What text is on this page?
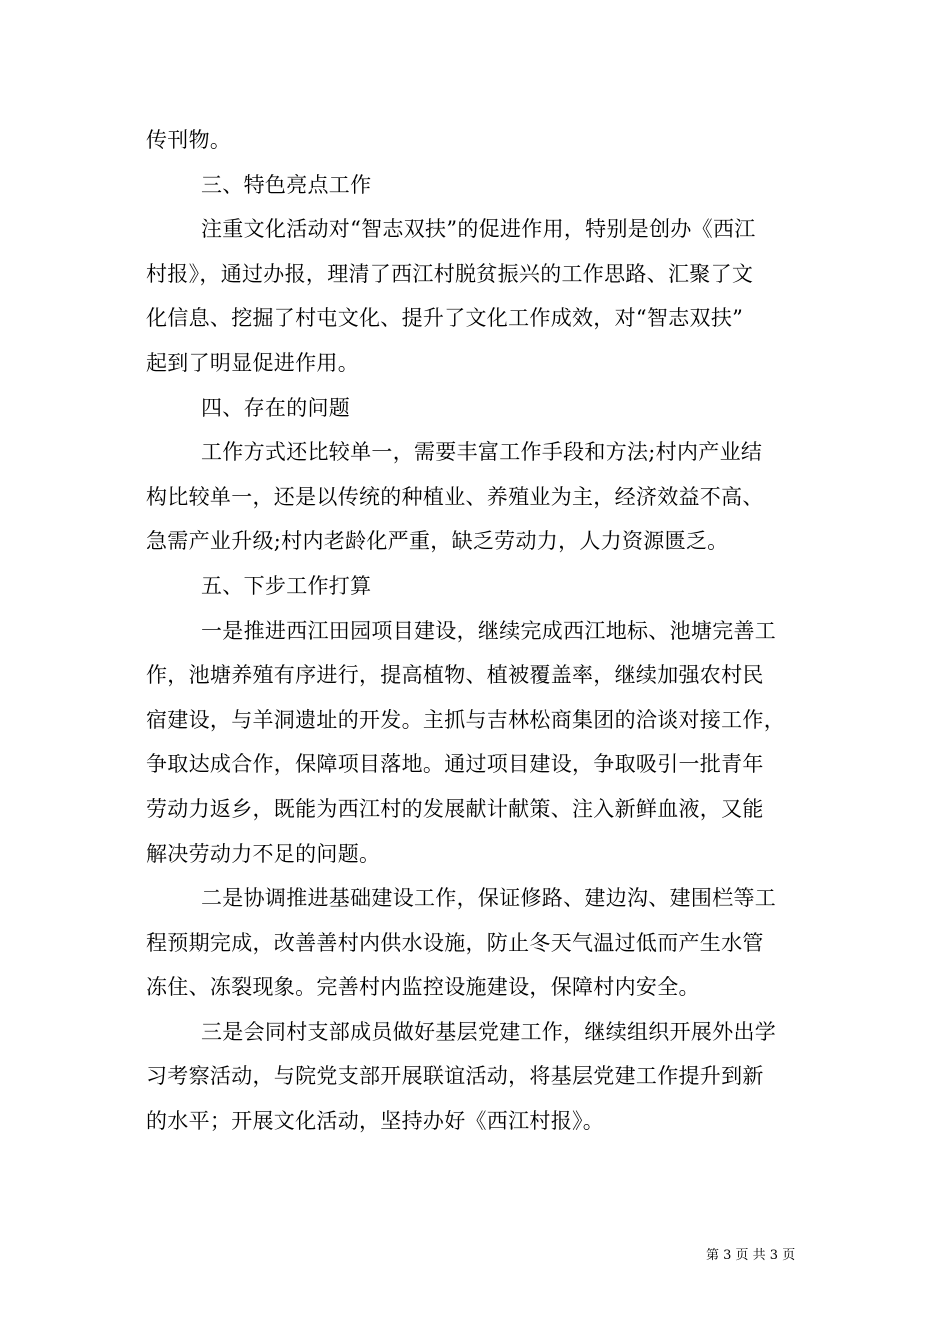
传刊物。
三、特色亮点工作
注重文化活动对“智志双扶”的促进作用，特别是创办《西江
村报》，通过办报，理清了西江村脱贫振兴的工作思路、汇聚了文
化信息、挖掘了村屯文化、提升了文化工作成效，对“智志双扶”
起到了明显促进作用。
四、存在的问题
工作方式还比较单一，需要丰富工作手段和方法;村内产业结
构比较单一，还是以传统的种植业、养殖业为主，经济效益不高、
急需产业升级;村内老龄化严重，缺乏劳动力，人力资源匮乏。
五、下步工作打算
一是推进西江田园项目建设，继续完成西江地标、池塘完善工
作，池塘养殖有序进行，提高植物、植被覆盖率，继续加强农村民
宿建设，与羊洞遗址的开发。主抓与吉林松商集团的洽谈对接工作，
争取达成合作，保障项目落地。通过项目建设，争取吸引一批青年
劳动力返乡，既能为西江村的发展献计献策、注入新鲜血液，又能
解决劳动力不足的问题。
二是协调推进基础建设工作，保证修路、建边沟、建围栏等工
程预期完成，改善善村内供水设施，防止冬天气温过低而产生水管
冻住、冻裂现象。完善村内监控设施建设，保障村内安全。
三是会同村支部成员做好基层党建工作，继续组织开展外出学
习考察活动，与院党支部开展联谊活动，将基层党建工作提升到新
的水平；开展文化活动，坚持办好《西江村报》。
第 3 页 共 3 页
